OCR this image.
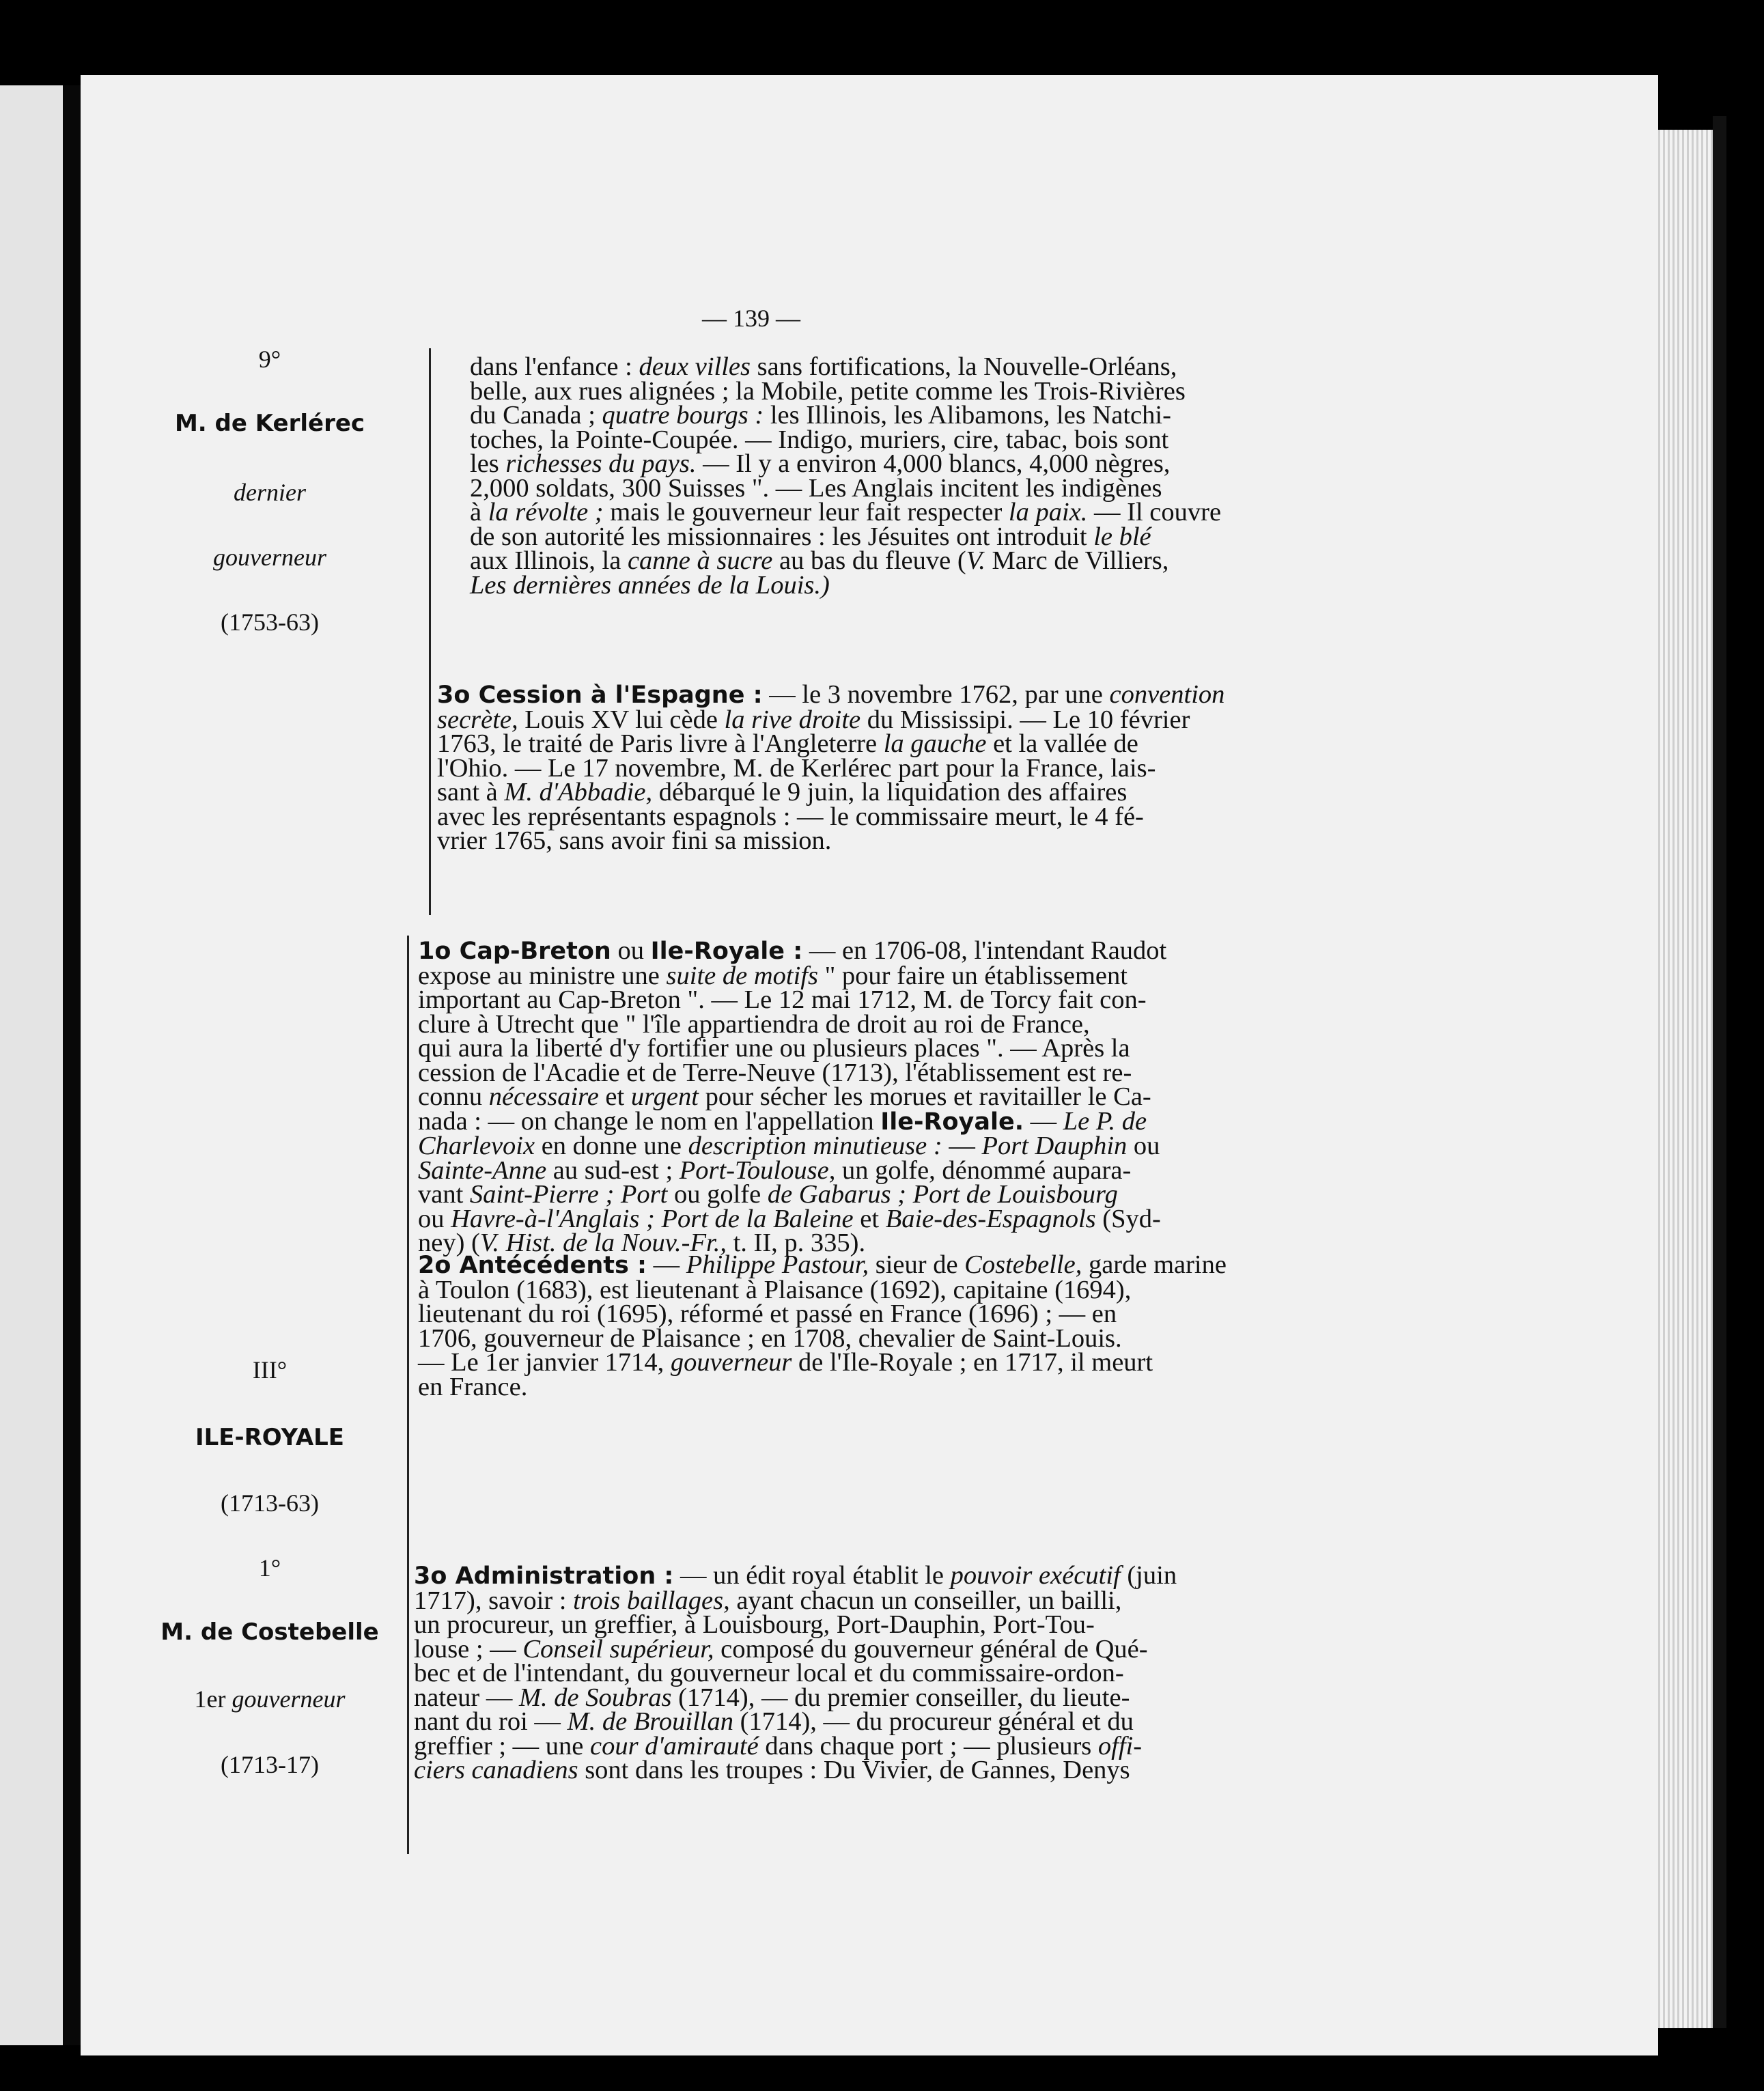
— 139 —
9°
M. de Kerlérec
dernier
gouverneur
(1753-63)
III°
ILE-ROYALE
(1713-63)
1°
M. de Costebelle
1er gouverneur
(1713-17)
dans l'enfance : deux villes sans fortifications, la Nouvelle-Orléans,
belle, aux rues alignées ; la Mobile, petite comme les Trois-Rivières
du Canada ; quatre bourgs : les Illinois, les Alibamons, les Natchi-
toches, la Pointe-Coupée. — Indigo, muriers, cire, tabac, bois sont
les richesses du pays. — Il y a environ 4,000 blancs, 4,000 nègres,
2,000 soldats, 300 Suisses ". — Les Anglais incitent les indigènes
à la révolte ; mais le gouverneur leur fait respecter la paix. — Il couvre
de son autorité les missionnaires : les Jésuites ont introduit le blé
aux Illinois, la canne à sucre au bas du fleuve (V. Marc de Villiers,
Les dernières années de la Louis.)
3o Cession à l'Espagne : — le 3 novembre 1762, par une convention
secrète, Louis XV lui cède la rive droite du Mississipi. — Le 10 février
1763, le traité de Paris livre à l'Angleterre la gauche et la vallée de
l'Ohio. — Le 17 novembre, M. de Kerlérec part pour la France, lais-
sant à M. d'Abbadie, débarqué le 9 juin, la liquidation des affaires
avec les représentants espagnols : — le commissaire meurt, le 4 fé-
vrier 1765, sans avoir fini sa mission.
1o Cap-Breton ou Ile-Royale : — en 1706-08, l'intendant Raudot
expose au ministre une suite de motifs " pour faire un établissement
important au Cap-Breton ". — Le 12 mai 1712, M. de Torcy fait con-
clure à Utrecht que " l'île appartiendra de droit au roi de France,
qui aura la liberté d'y fortifier une ou plusieurs places ". — Après la
cession de l'Acadie et de Terre-Neuve (1713), l'établissement est re-
connu nécessaire et urgent pour sécher les morues et ravitailler le Ca-
nada : — on change le nom en l'appellation Ile-Royale. — Le P. de
Charlevoix en donne une description minutieuse : — Port Dauphin ou
Sainte-Anne au sud-est ; Port-Toulouse, un golfe, dénommé aupara-
vant Saint-Pierre ; Port ou golfe de Gabarus ; Port de Louisbourg
ou Havre-à-l'Anglais ; Port de la Baleine et Baie-des-Espagnols (Syd-
ney) (V. Hist. de la Nouv.-Fr., t. II, p. 335).
2o Antécédents : — Philippe Pastour, sieur de Costebelle, garde marine
à Toulon (1683), est lieutenant à Plaisance (1692), capitaine (1694),
lieutenant du roi (1695), réformé et passé en France (1696) ; — en
1706, gouverneur de Plaisance ; en 1708, chevalier de Saint-Louis.
— Le 1er janvier 1714, gouverneur de l'Ile-Royale ; en 1717, il meurt
en France.
3o Administration : — un édit royal établit le pouvoir exécutif (juin
1717), savoir : trois baillages, ayant chacun un conseiller, un bailli,
un procureur, un greffier, à Louisbourg, Port-Dauphin, Port-Tou-
louse ; — Conseil supérieur, composé du gouverneur général de Qué-
bec et de l'intendant, du gouverneur local et du commissaire-ordon-
nateur — M. de Soubras (1714), — du premier conseiller, du lieute-
nant du roi — M. de Brouillan (1714), — du procureur général et du
greffier ; — une cour d'amirauté dans chaque port ; — plusieurs offi-
ciers canadiens sont dans les troupes : Du Vivier, de Gannes, Denys
